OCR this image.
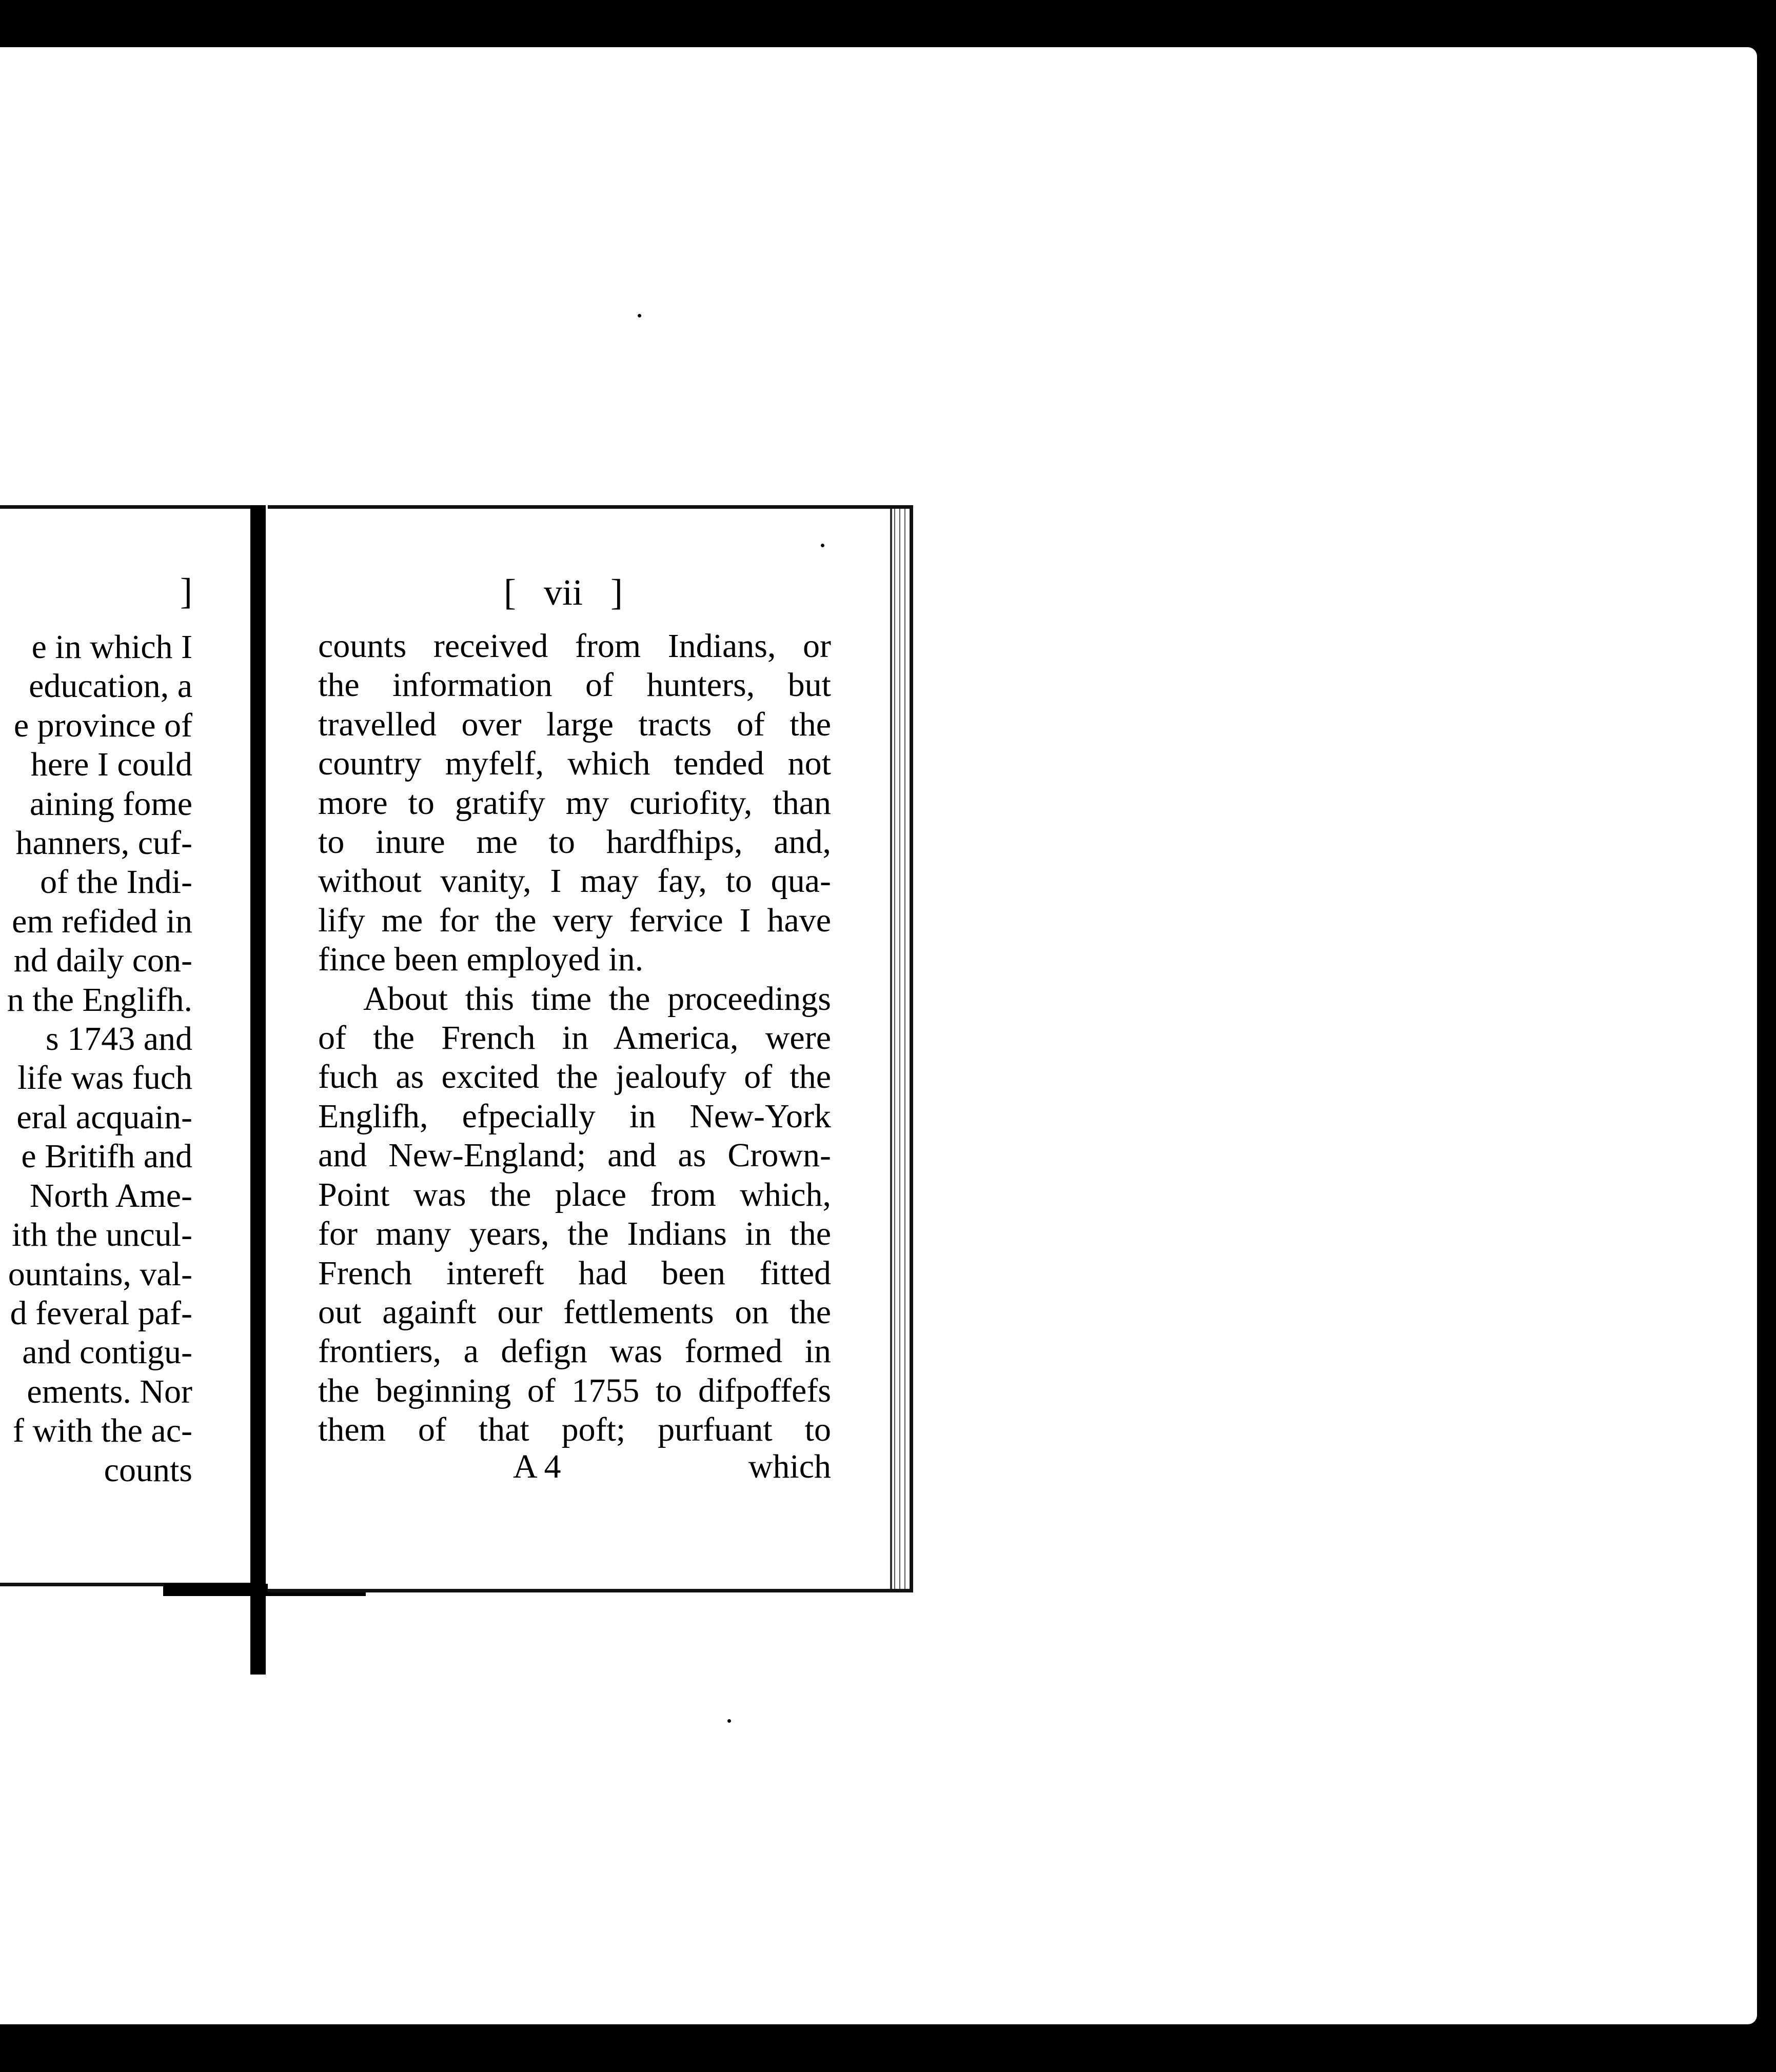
]
e in which I
education, a
e province of
here I could
aining fome
hanners, cuf-
of the Indi-
em refided in
nd daily con-
n the Englifh.
s 1743 and
life was fuch
eral acquain-
e Britifh and
North Ame-
ith the uncul-
ountains, val-
d feveral paf-
and contigu-
ements. Nor
f with the ac-
counts
[   vii   ]
counts received from Indians, or
the information of hunters, but
travelled over large tracts of the
country myfelf, which tended not
more to gratify my curiofity, than
to inure me to hardfhips, and,
without vanity, I may fay, to qua-
lify me for the very fervice I have
fince been employed in.
About this time the proceedings
of the French in America, were
fuch as excited the jealoufy of the
Englifh, efpecially in New-York
and New-England; and as Crown-
Point was the place from which,
for many years, the Indians in the
French intereft had been fitted
out againft our fettlements on the
frontiers, a defign was formed in
the beginning of 1755 to difpoffefs
them of that poft; purfuant to
A 4	which
